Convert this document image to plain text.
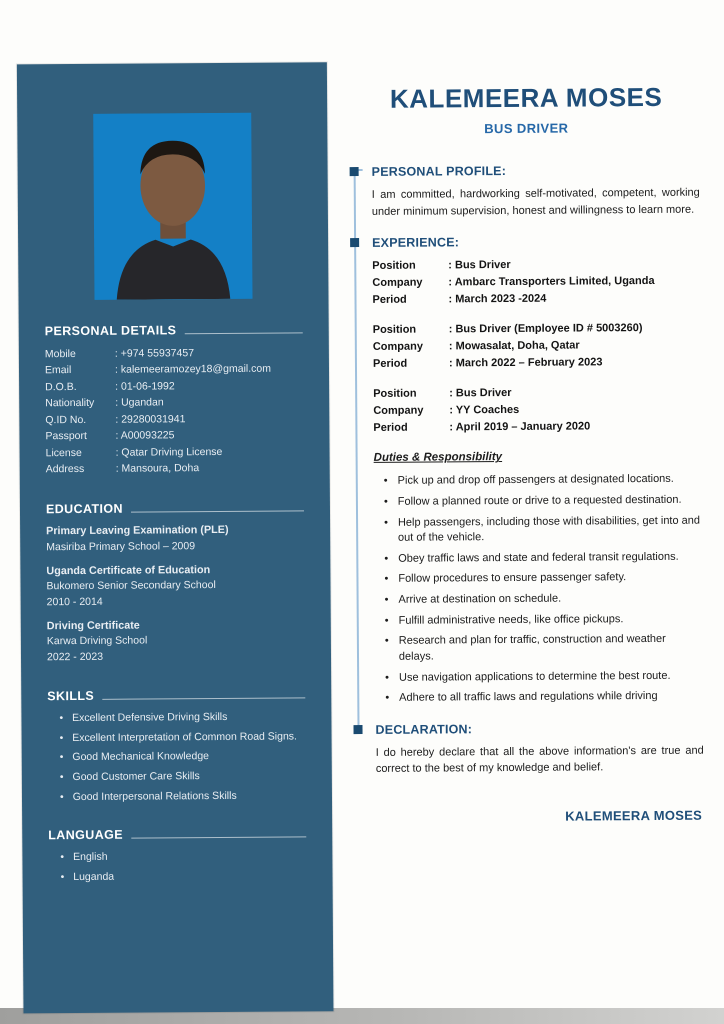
PERSONAL DETAILS
Mobile	: +974 55937457
Email	: kalemeeramozey18@gmail.com
D.O.B.	: 01-06-1992
Nationality	: Ugandan
Q.ID No.	: 29280031941
Passport	: A00093225
License	: Qatar Driving License
Address	: Mansoura, Doha
EDUCATION
Primary Leaving Examination (PLE)
Masiriba Primary School – 2009
Uganda Certificate of Education
Bukomero Senior Secondary School
2010 - 2014
Driving Certificate
Karwa Driving School
2022 - 2023
SKILLS
• Excellent Defensive Driving Skills
• Excellent Interpretation of Common Road Signs.
• Good Mechanical Knowledge
• Good Customer Care Skills
• Good Interpersonal Relations Skills
LANGUAGE
• English
• Luganda
KALEMEERA MOSES
BUS DRIVER
PERSONAL PROFILE:

I am committed, hardworking self-motivated, competent, working under minimum supervision, honest and willingness to learn more.

EXPERIENCE:
Position	: Bus Driver
Company	: Ambarc Transporters Limited, Uganda
Period	: March 2023 -2024
Position	: Bus Driver (Employee ID # 5003260)
Company	: Mowasalat, Doha, Qatar
Period	: March 2022 – February 2023
Position	: Bus Driver
Company	: YY Coaches
Period	: April 2019 – January 2020
Duties & Responsibility
• Pick up and drop off passengers at designated locations.
• Follow a planned route or drive to a requested destination.
• Help passengers, including those with disabilities, get into and out of the vehicle.
• Obey traffic laws and state and federal transit regulations.
• Follow procedures to ensure passenger safety.
• Arrive at destination on schedule.
• Fulfill administrative needs, like office pickups.
• Research and plan for traffic, construction and weather delays.
• Use navigation applications to determine the best route.
• Adhere to all traffic laws and regulations while driving
DECLARATION:

I do hereby declare that all the above information's are true and correct to the best of my knowledge and belief.

KALEMEERA MOSES
